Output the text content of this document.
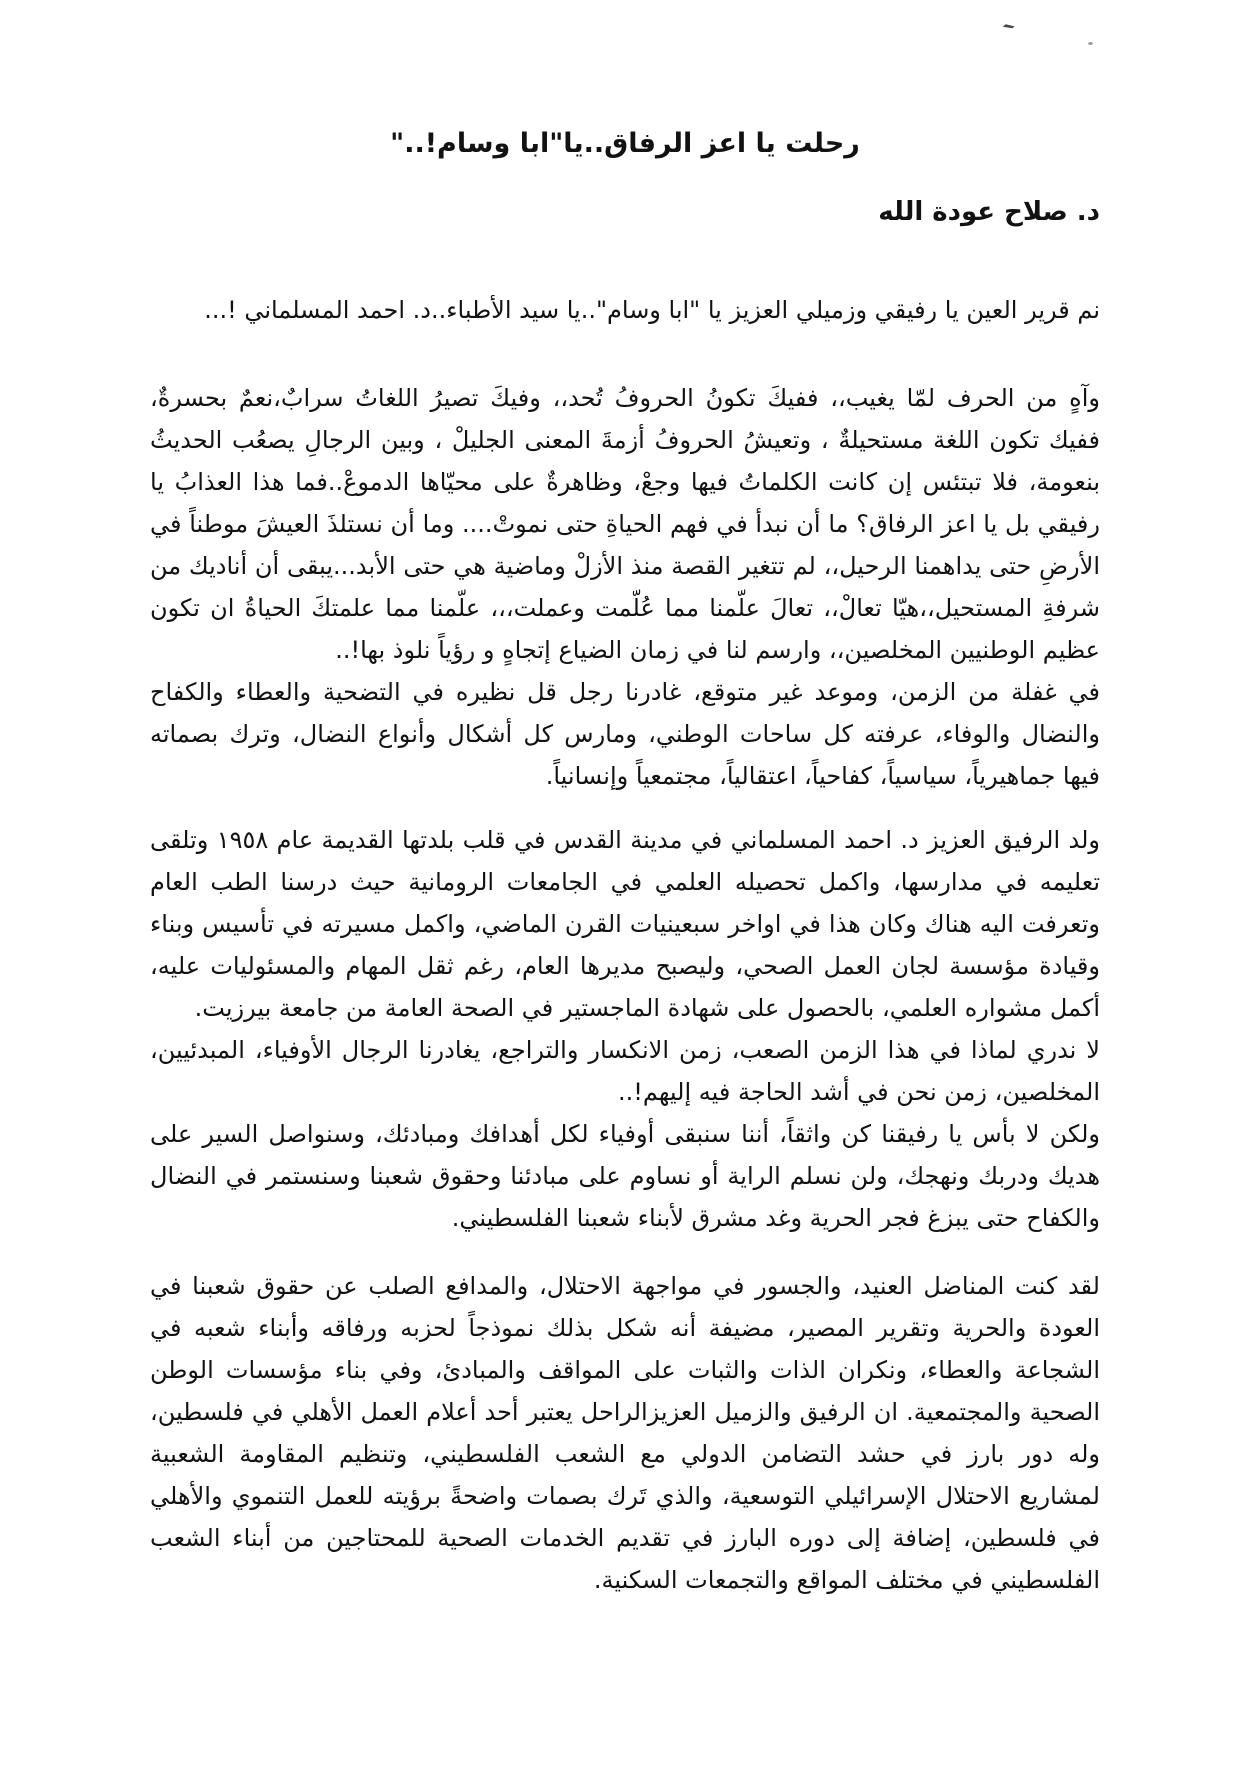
ˋ
رحلت يا اعز الرفاق..يا"ابا وسام!.."

د. صلاح عودة الله

نم قرير العين يا رفيقي وزميلي العزيز يا "ابا وسام"..يا سيد الأطباء..د. احمد المسلماني !...

وآهٍ من الحرف لمّا يغيب،، ففيكَ تكونُ الحروفُ تُحد،، وفيكَ تصيرُ اللغاتُ سرابٌ،نعمٌ بحسرةٌ، ففيك تكون اللغة مستحيلةٌ ، وتعيشُ الحروفُ أزمةَ المعنى الجليلْ ، وبين الرجالِ يصعُب الحديثُ بنعومة، فلا تبتئس إن كانت الكلماتُ فيها وجعْ، وظاهرةٌ على محيّاها الدموعْ..فما هذا العذابُ يا رفيقي بل يا اعز الرفاق؟ ما أن نبدأ في فهم الحياةِ حتى نموتْ.... وما أن نستلذَ العيشَ موطناً في الأرضِ حتى يداهمنا الرحيل،، لم تتغير القصة منذ الأزلْ وماضية هي حتى الأبد...يبقى أن أناديك من شرفةِ المستحيل،،هيّا تعالْ،، تعالَ علّمنا مما عُلّمت وعملت،،، علّمنا مما علمتكَ الحياةُ ان تكون عظيم الوطنيين المخلصين،، وارسم لنا في زمان الضياع إتجاهٍ و رؤياً نلوذ بها!..

في غفلة من الزمن، وموعد غير متوقع، غادرنا رجل قل نظيره في التضحية والعطاء والكفاح والنضال والوفاء، عرفته كل ساحات الوطني، ومارس كل أشكال وأنواع النضال، وترك بصماته فيها جماهيرياً، سياسياً، كفاحياً، اعتقالياً، مجتمعياً وإنسانياً.

ولد الرفيق العزيز د. احمد المسلماني في مدينة القدس في قلب بلدتها القديمة عام ١٩٥٨ وتلقى تعليمه في مدارسها، واكمل تحصيله العلمي في الجامعات الرومانية حيث درسنا الطب العام وتعرفت اليه هناك وكان هذا في اواخر سبعينيات القرن الماضي، واكمل مسيرته في تأسيس وبناء وقيادة مؤسسة لجان العمل الصحي، وليصبح مديرها العام، رغم ثقل المهام والمسئوليات عليه، أكمل مشواره العلمي، بالحصول على شهادة الماجستير في الصحة العامة من جامعة بيرزيت.

لا ندري لماذا في هذا الزمن الصعب، زمن الانكسار والتراجع، يغادرنا الرجال الأوفياء، المبدئيين، المخلصين، زمن نحن في أشد الحاجة فيه إليهم!..

ولكن لا بأس يا رفيقنا كن واثقاً، أننا سنبقى أوفياء لكل أهدافك ومبادئك، وسنواصل السير على هديك ودربك ونهجك، ولن نسلم الراية أو نساوم على مبادئنا وحقوق شعبنا وسنستمر في النضال والكفاح حتى يبزغ فجر الحرية وغد مشرق لأبناء شعبنا الفلسطيني.

لقد كنت المناضل العنيد، والجسور في مواجهة الاحتلال، والمدافع الصلب عن حقوق شعبنا في العودة والحرية وتقرير المصير، مضيفة أنه شكل بذلك نموذجاً لحزبه ورفاقه وأبناء شعبه في الشجاعة والعطاء، ونكران الذات والثبات على المواقف والمبادئ، وفي بناء مؤسسات الوطن الصحية والمجتمعية. ان الرفيق والزميل العزيزالراحل يعتبر أحد أعلام العمل الأهلي في فلسطين، وله دور بارز في حشد التضامن الدولي مع الشعب الفلسطيني، وتنظيم المقاومة الشعبية لمشاريع الاحتلال الإسرائيلي التوسعية، والذي تَرك بصمات واضحةً برؤيته للعمل التنموي والأهلي في فلسطين، إضافة إلى دوره البارز في تقديم الخدمات الصحية للمحتاجين من أبناء الشعب الفلسطيني في مختلف المواقع والتجمعات السكنية.
